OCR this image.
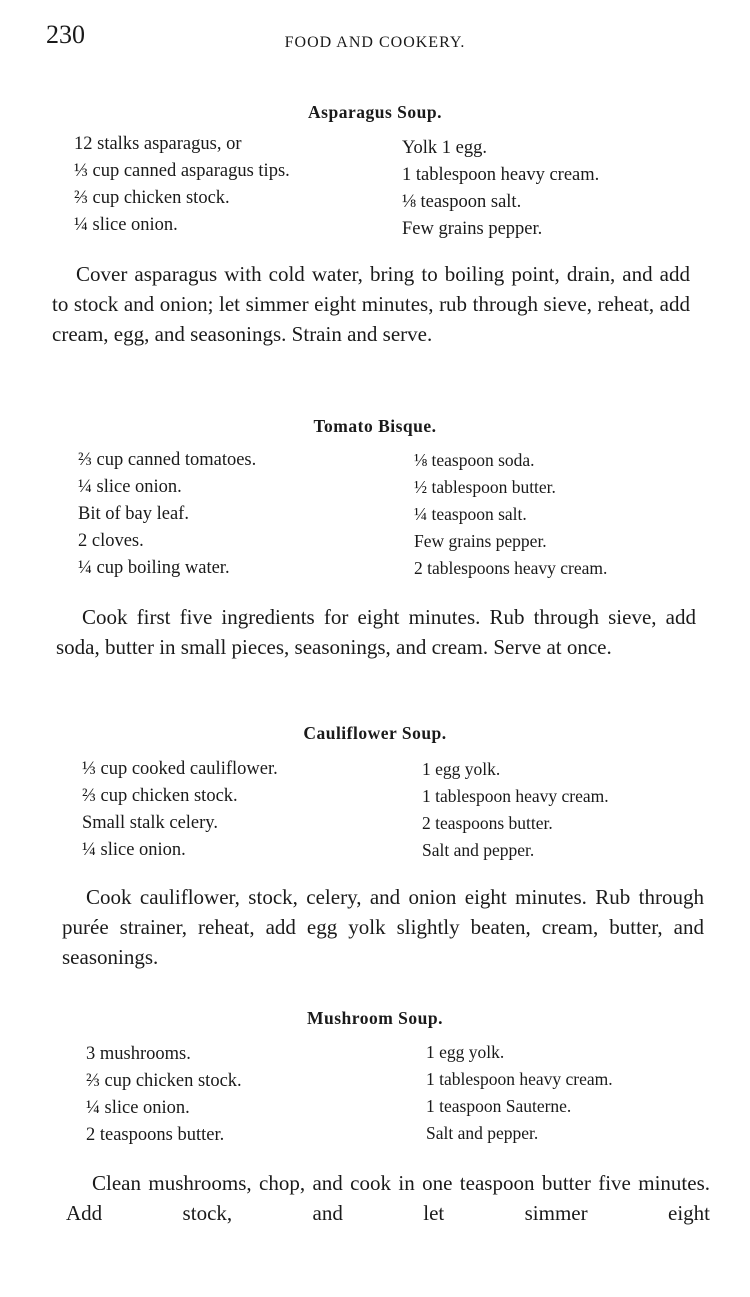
230	FOOD AND COOKERY.
Asparagus Soup.
12 stalks asparagus, or
⅓ cup canned asparagus tips.
⅔ cup chicken stock.
¼ slice onion.
Yolk 1 egg.
1 tablespoon heavy cream.
⅛ teaspoon salt.
Few grains pepper.
Cover asparagus with cold water, bring to boiling point, drain, and add to stock and onion; let simmer eight minutes, rub through sieve, reheat, add cream, egg, and seasonings. Strain and serve.
Tomato Bisque.
⅔ cup canned tomatoes.
¼ slice onion.
Bit of bay leaf.
2 cloves.
¼ cup boiling water.
⅛ teaspoon soda.
½ tablespoon butter.
¼ teaspoon salt.
Few grains pepper.
2 tablespoons heavy cream.
Cook first five ingredients for eight minutes. Rub through sieve, add soda, butter in small pieces, seasonings, and cream. Serve at once.
Cauliflower Soup.
⅓ cup cooked cauliflower.
⅔ cup chicken stock.
Small stalk celery.
¼ slice onion.
1 egg yolk.
1 tablespoon heavy cream.
2 teaspoons butter.
Salt and pepper.
Cook cauliflower, stock, celery, and onion eight minutes. Rub through purée strainer, reheat, add egg yolk slightly beaten, cream, butter, and seasonings.
Mushroom Soup.
3 mushrooms.
⅔ cup chicken stock.
¼ slice onion.
2 teaspoons butter.
1 egg yolk.
1 tablespoon heavy cream.
1 teaspoon Sauterne.
Salt and pepper.
Clean mushrooms, chop, and cook in one teaspoon butter five minutes. Add stock, and let simmer eight
